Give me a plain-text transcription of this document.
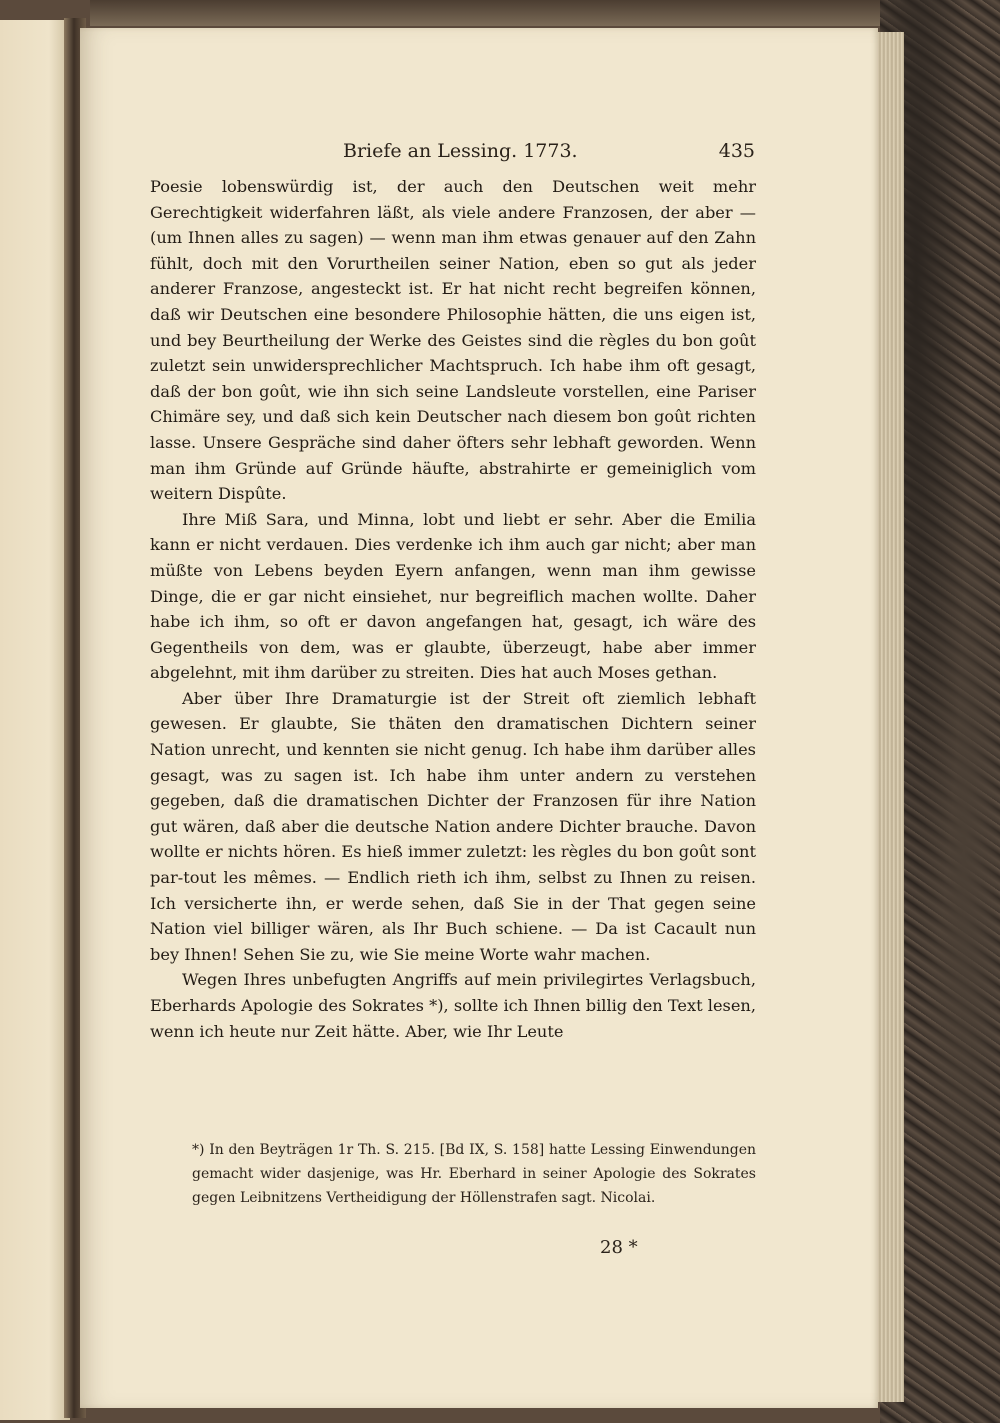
Briefe an Lessing. 1773.	435

Poesie lobenswürdig ist, der auch den Deutschen weit mehr Gerechtigkeit widerfahren läßt, als viele andere Franzosen, der aber — (um Ihnen alles zu sagen) — wenn man ihm etwas genauer auf den Zahn fühlt, doch mit den Vorurtheilen seiner Nation, eben so gut als jeder anderer Franzose, angesteckt ist. Er hat nicht recht begreifen können, daß wir Deutschen eine besondere Philosophie hätten, die uns eigen ist, und bey Beurtheilung der Werke des Geistes sind die règles du bon goût zuletzt sein unwidersprechlicher Machtspruch. Ich habe ihm oft gesagt, daß der bon goût, wie ihn sich seine Landsleute vorstellen, eine Pariser Chimäre sey, und daß sich kein Deutscher nach diesem bon goût richten lasse. Unsere Gespräche sind daher öfters sehr lebhaft geworden. Wenn man ihm Gründe auf Gründe häufte, abstrahirte er gemeiniglich vom weitern Dispûte.

Ihre Miß Sara, und Minna, lobt und liebt er sehr. Aber die Emilia kann er nicht verdauen. Dies verdenke ich ihm auch gar nicht; aber man müßte von Lebens beyden Eyern anfangen, wenn man ihm gewisse Dinge, die er gar nicht einsiehet, nur begreiflich machen wollte. Daher habe ich ihm, so oft er davon angefangen hat, gesagt, ich wäre des Gegentheils von dem, was er glaubte, überzeugt, habe aber immer abgelehnt, mit ihm darüber zu streiten. Dies hat auch Moses gethan.

Aber über Ihre Dramaturgie ist der Streit oft ziemlich lebhaft gewesen. Er glaubte, Sie thäten den dramatischen Dichtern seiner Nation unrecht, und kennten sie nicht genug. Ich habe ihm darüber alles gesagt, was zu sagen ist. Ich habe ihm unter andern zu verstehen gegeben, daß die dramatischen Dichter der Franzosen für ihre Nation gut wären, daß aber die deutsche Nation andere Dichter brauche. Davon wollte er nichts hören. Es hieß immer zuletzt: les règles du bon goût sont par-tout les mêmes. — Endlich rieth ich ihm, selbst zu Ihnen zu reisen. Ich versicherte ihn, er werde sehen, daß Sie in der That gegen seine Nation viel billiger wären, als Ihr Buch schiene. — Da ist Cacault nun bey Ihnen! Sehen Sie zu, wie Sie meine Worte wahr machen.

Wegen Ihres unbefugten Angriffs auf mein privilegirtes Verlagsbuch, Eberhards Apologie des Sokrates *), sollte ich Ihnen billig den Text lesen, wenn ich heute nur Zeit hätte. Aber, wie Ihr Leute

*) In den Beyträgen 1r Th. S. 215. [Bd IX, S. 158] hatte Lessing Einwendungen gemacht wider dasjenige, was Hr. Eberhard in seiner Apologie des Sokrates gegen Leibnitzens Vertheidigung der Höllenstrafen sagt. Nicolai.
28 *
